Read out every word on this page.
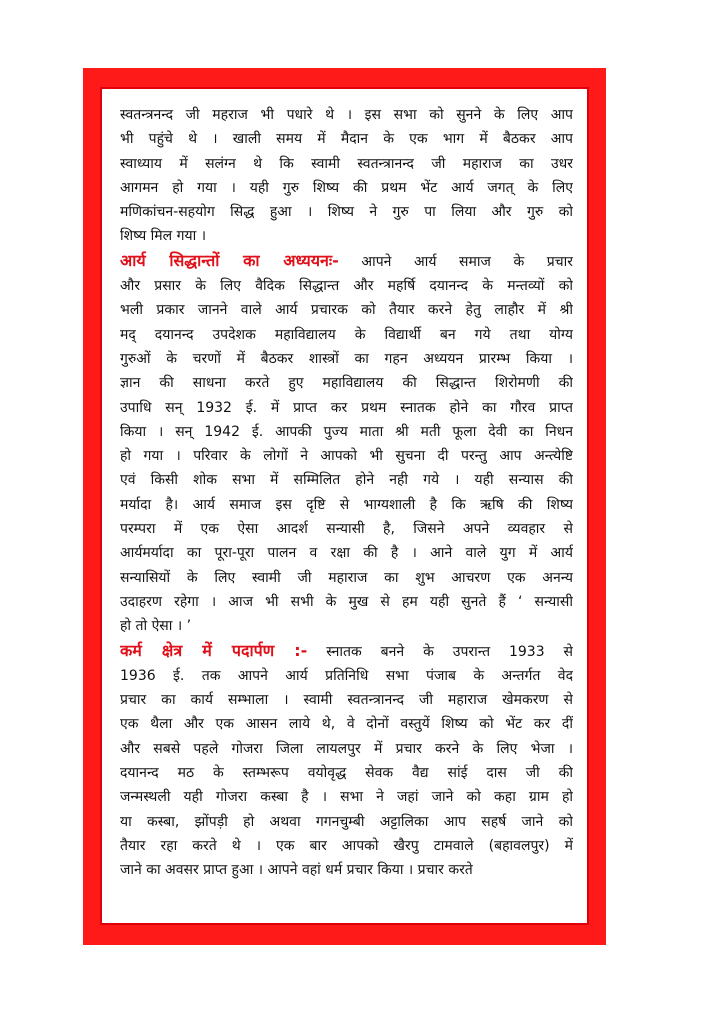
स्वतन्त्रनन्द जी महराज भी पधारे थे । इस सभा को सुनने के लिए आप
भी पहुंचे थे । खाली समय में मैदान के एक भाग में बैठकर आप
स्वाध्याय में सलंग्न थे कि स्वामी स्वतन्त्रानन्द जी महाराज का उधर
आगमन हो गया । यही गुरु शिष्य की प्रथम भेंट आर्य जगत् के लिए
मणिकांचन-सहयोग सिद्ध हुआ । शिष्य ने गुरु पा लिया और गुरु को
शिष्य मिल गया ।
आर्य सिद्धान्तों का अध्ययनः- आपने आर्य समाज के प्रचार
और प्रसार के लिए वैदिक सिद्धान्त और महर्षि दयानन्द के मन्तव्यों को
भली प्रकार जानने वाले आर्य प्रचारक को तैयार करने हेतु लाहौर में श्री
मद् दयानन्द उपदेशक महाविद्यालय के विद्यार्थी बन गये तथा योग्य
गुरुओं के चरणों में बैठकर शास्त्रों का गहन अध्ययन प्रारम्भ किया ।
ज्ञान की साधना करते हुए महाविद्यालय की सिद्धान्त शिरोमणी की
उपाधि सन् 1932 ई. में प्राप्त कर प्रथम स्नातक होने का गौरव प्राप्त
किया । सन् 1942 ई. आपकी पुज्य माता श्री मती फूला देवी का निधन
हो गया । परिवार के लोगों ने आपको भी सुचना दी परन्तु आप अन्त्येष्टि
एवं किसी शोक सभा में सम्मिलित होने नही गये । यही सन्यास की
मर्यादा है। आर्य समाज इस दृष्टि से भाग्यशाली है कि ऋषि की शिष्य
परम्परा में एक ऐसा आदर्श सन्यासी है, जिसने अपने व्यवहार से
आर्यमर्यादा का पूरा-पूरा पालन व रक्षा की है । आने वाले युग में आर्य
सन्यासियों के लिए स्वामी जी महाराज का शुभ आचरण एक अनन्य
उदाहरण रहेगा । आज भी सभी के मुख से हम यही सुनते हैं ‘ सन्यासी
हो तो ऐसा । ’
कर्म क्षेत्र में पदार्पण :- स्नातक बनने के उपरान्त 1933 से
1936 ई. तक आपने आर्य प्रतिनिधि सभा पंजाब के अन्तर्गत वेद
प्रचार का कार्य सम्भाला । स्वामी स्वतन्त्रानन्द जी महाराज खेमकरण से
एक थैला और एक आसन लाये थे, वे दोनों वस्तुयें शिष्य को भेंट कर दीं
और सबसे पहले गोजरा जिला लायलपुर में प्रचार करने के लिए भेजा ।
दयानन्द मठ के स्तम्भरूप वयोवृद्ध सेवक वैद्य सांई दास जी की
जन्मस्थली यही गोजरा कस्बा है । सभा ने जहां जाने को कहा ग्राम हो
या कस्बा, झोंपड़ी हो अथवा गगनचुम्बी अट्टालिका आप सहर्ष जाने को
तैयार रहा करते थे । एक बार आपको खैरपु टामवाले (बहावलपुर) में
जाने का अवसर प्राप्त हुआ । आपने वहां धर्म प्रचार किया । प्रचार करते
